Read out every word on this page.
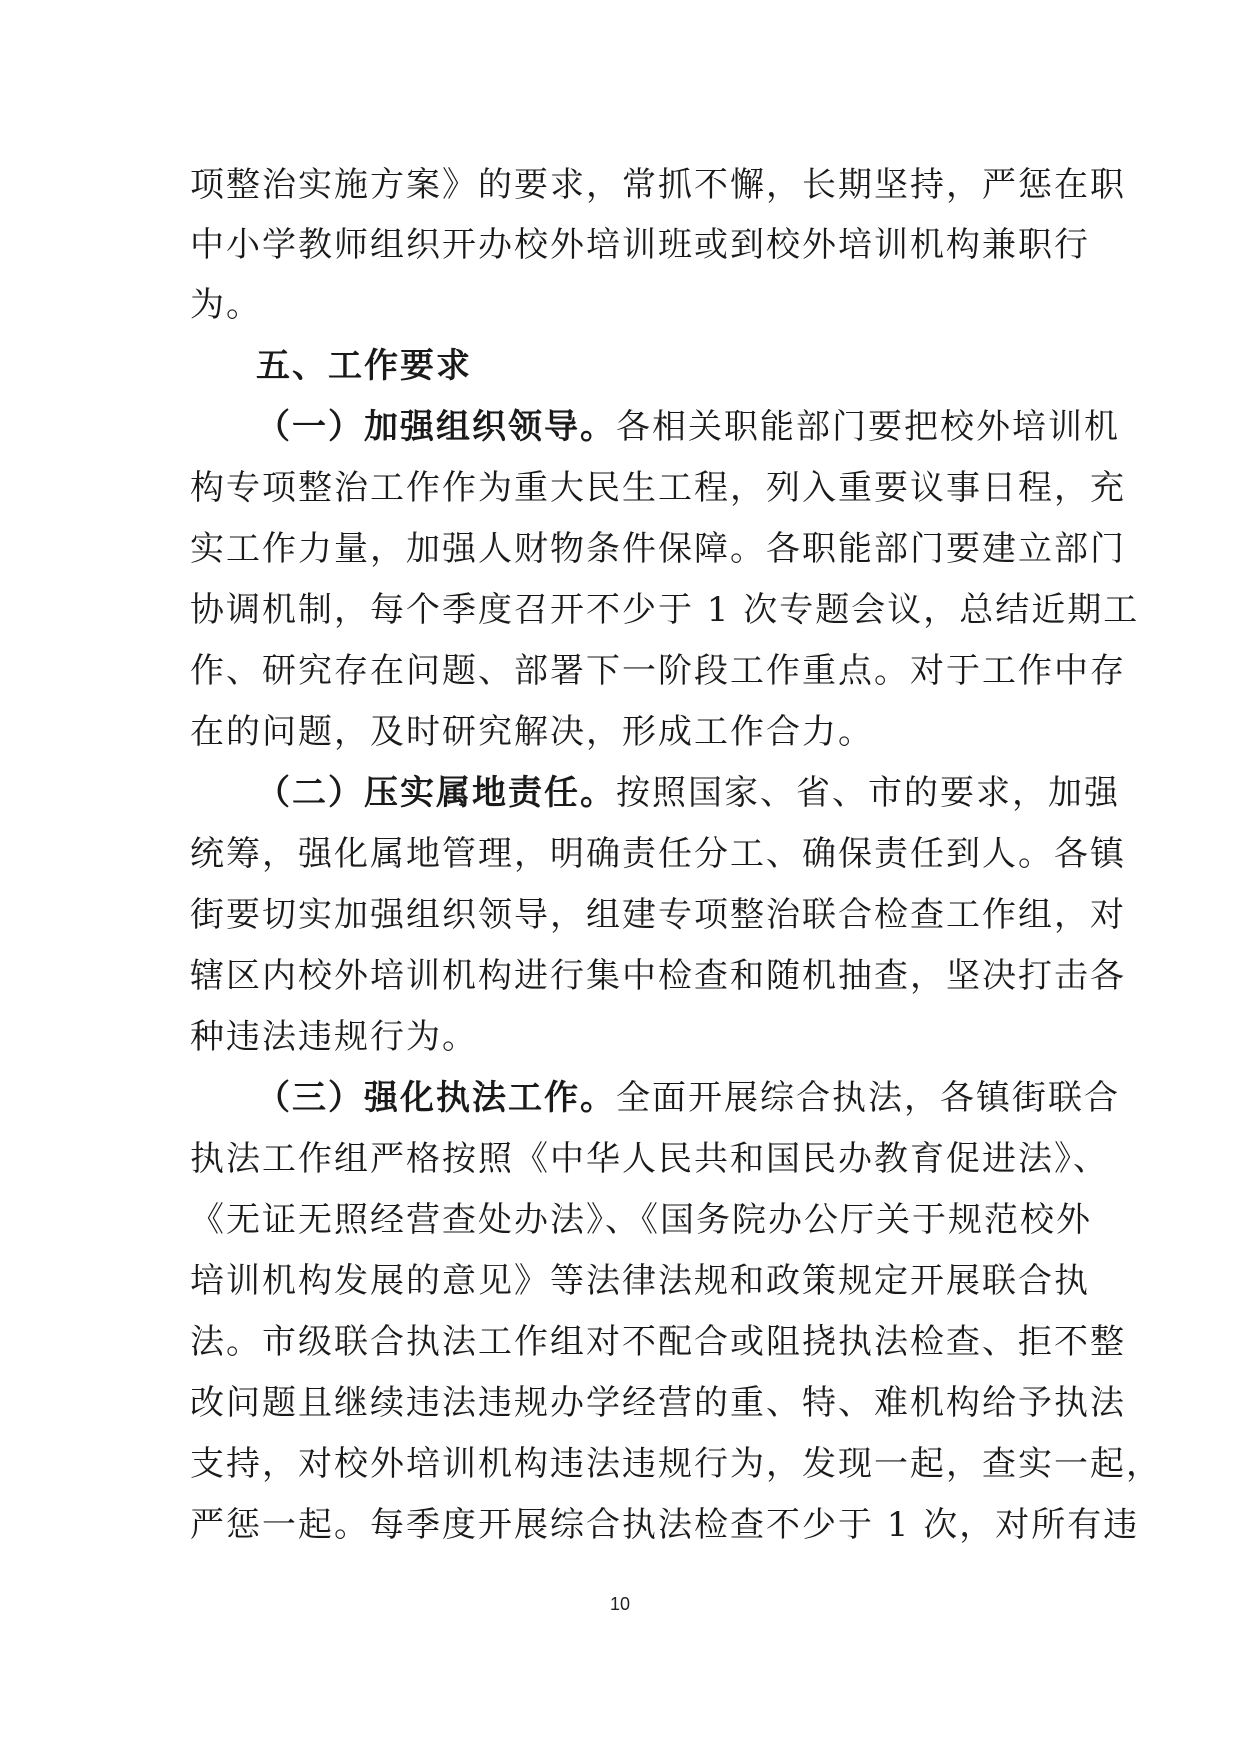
项整治实施方案》的要求，常抓不懈，长期坚持，严惩在职
中小学教师组织开办校外培训班或到校外培训机构兼职行
为。
五、工作要求
（一）加强组织领导。各相关职能部门要把校外培训机
构专项整治工作作为重大民生工程，列入重要议事日程，充
实工作力量，加强人财物条件保障。各职能部门要建立部门
协调机制，每个季度召开不少于 1 次专题会议，总结近期工
作、研究存在问题、部署下一阶段工作重点。对于工作中存
在的问题，及时研究解决，形成工作合力。
（二）压实属地责任。按照国家、省、市的要求，加强
统筹，强化属地管理，明确责任分工、确保责任到人。各镇
街要切实加强组织领导，组建专项整治联合检查工作组，对
辖区内校外培训机构进行集中检查和随机抽查，坚决打击各
种违法违规行为。
（三）强化执法工作。全面开展综合执法，各镇街联合
执法工作组严格按照《中华人民共和国民办教育促进法》、
《无证无照经营查处办法》、《国务院办公厅关于规范校外
培训机构发展的意见》等法律法规和政策规定开展联合执
法。市级联合执法工作组对不配合或阻挠执法检查、拒不整
改问题且继续违法违规办学经营的重、特、难机构给予执法
支持，对校外培训机构违法违规行为，发现一起，查实一起，
严惩一起。每季度开展综合执法检查不少于 1 次，对所有违
10
